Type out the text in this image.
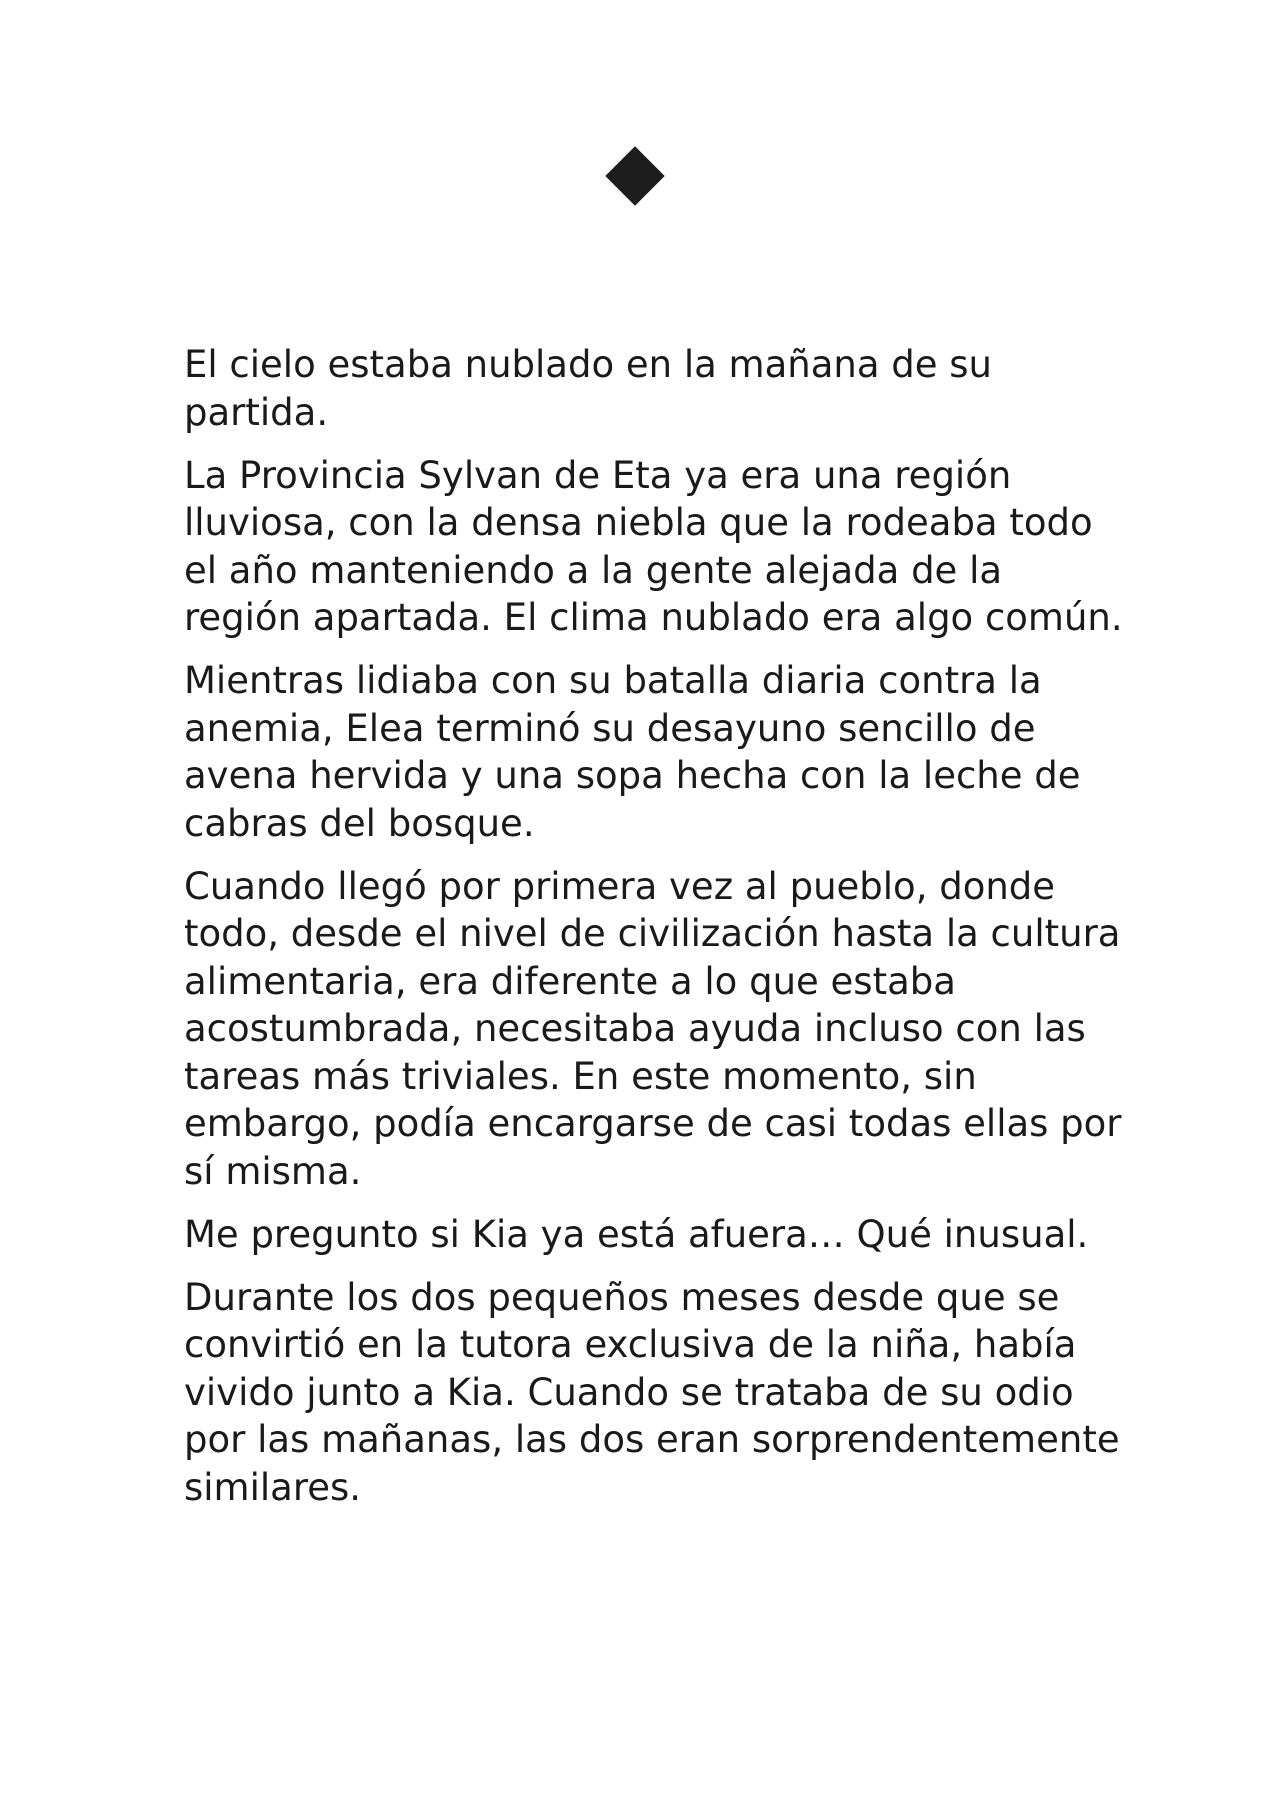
El cielo estaba nublado en la mañana de su partida.

La Provincia Sylvan de Eta ya era una región lluviosa, con la densa niebla que la rodeaba todo el año manteniendo a la gente alejada de la región apartada. El clima nublado era algo común.

Mientras lidiaba con su batalla diaria contra la anemia, Elea terminó su desayuno sencillo de avena hervida y una sopa hecha con la leche de cabras del bosque.

Cuando llegó por primera vez al pueblo, donde todo, desde el nivel de civilización hasta la cultura alimentaria, era diferente a lo que estaba acostumbrada, necesitaba ayuda incluso con las tareas más triviales. En este momento, sin embargo, podía encargarse de casi todas ellas por sí misma.

Me pregunto si Kia ya está afuera… Qué inusual.

Durante los dos pequeños meses desde que se convirtió en la tutora exclusiva de la niña, había vivido junto a Kia. Cuando se trataba de su odio por las mañanas, las dos eran sorprendentemente similares.
